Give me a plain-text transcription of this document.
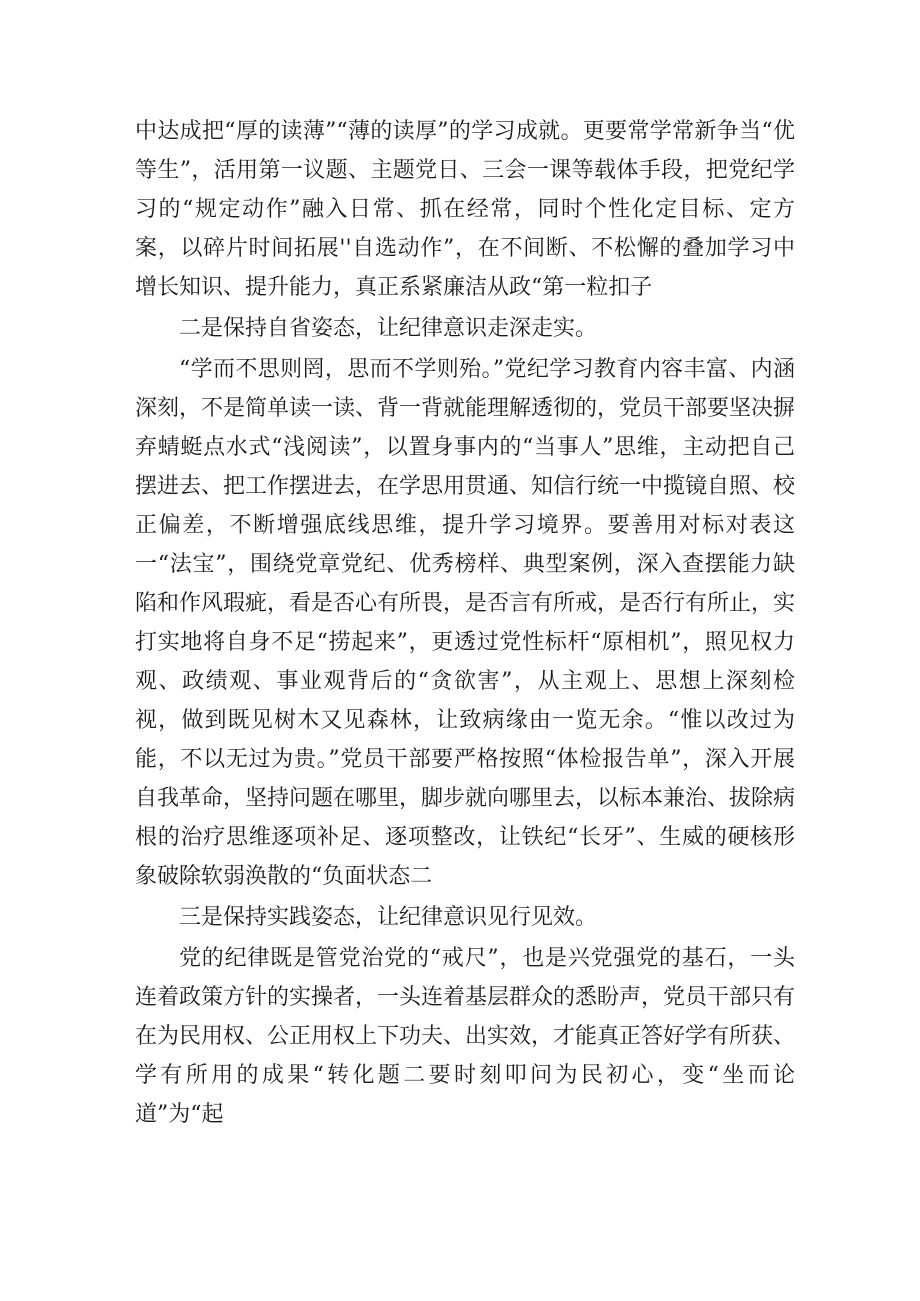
中达成把“厚的读薄”“薄的读厚”的学习成就。更要常学常新争当“优等生”，活用第一议题、主题党日、三会一课等载体手段，把党纪学习的“规定动作”融入日常、抓在经常，同时个性化定目标、定方案，以碎片时间拓展''自选动作”，在不间断、不松懈的叠加学习中增长知识、提升能力，真正系紧廉洁从政“第一粒扣子

二是保持自省姿态，让纪律意识走深走实。

“学而不思则罔，思而不学则殆。”党纪学习教育内容丰富、内涵深刻，不是简单读一读、背一背就能理解透彻的，党员干部要坚决摒弃蜻蜓点水式“浅阅读”，以置身事内的“当事人”思维，主动把自己摆进去、把工作摆进去，在学思用贯通、知信行统一中揽镜自照、校正偏差，不断增强底线思维，提升学习境界。要善用对标对表这一“法宝”，围绕党章党纪、优秀榜样、典型案例，深入查摆能力缺陷和作风瑕疵，看是否心有所畏，是否言有所戒，是否行有所止，实打实地将自身不足“捞起来”，更透过党性标杆“原相机”，照见权力观、政绩观、事业观背后的“贪欲害”，从主观上、思想上深刻检视，做到既见树木又见森林，让致病缘由一览无余。“惟以改过为能，不以无过为贵。”党员干部要严格按照“体检报告单”，深入开展自我革命，坚持问题在哪里，脚步就向哪里去，以标本兼治、拔除病根的治疗思维逐项补足、逐项整改，让铁纪“长牙”、生威的硬核形象破除软弱涣散的“负面状态二

三是保持实践姿态，让纪律意识见行见效。

党的纪律既是管党治党的“戒尺”，也是兴党强党的基石，一头连着政策方针的实操者，一头连着基层群众的悉盼声，党员干部只有在为民用权、公正用权上下功夫、出实效，才能真正答好学有所获、学有所用的成果“转化题二要时刻叩问为民初心，变“坐而论道”为“起
